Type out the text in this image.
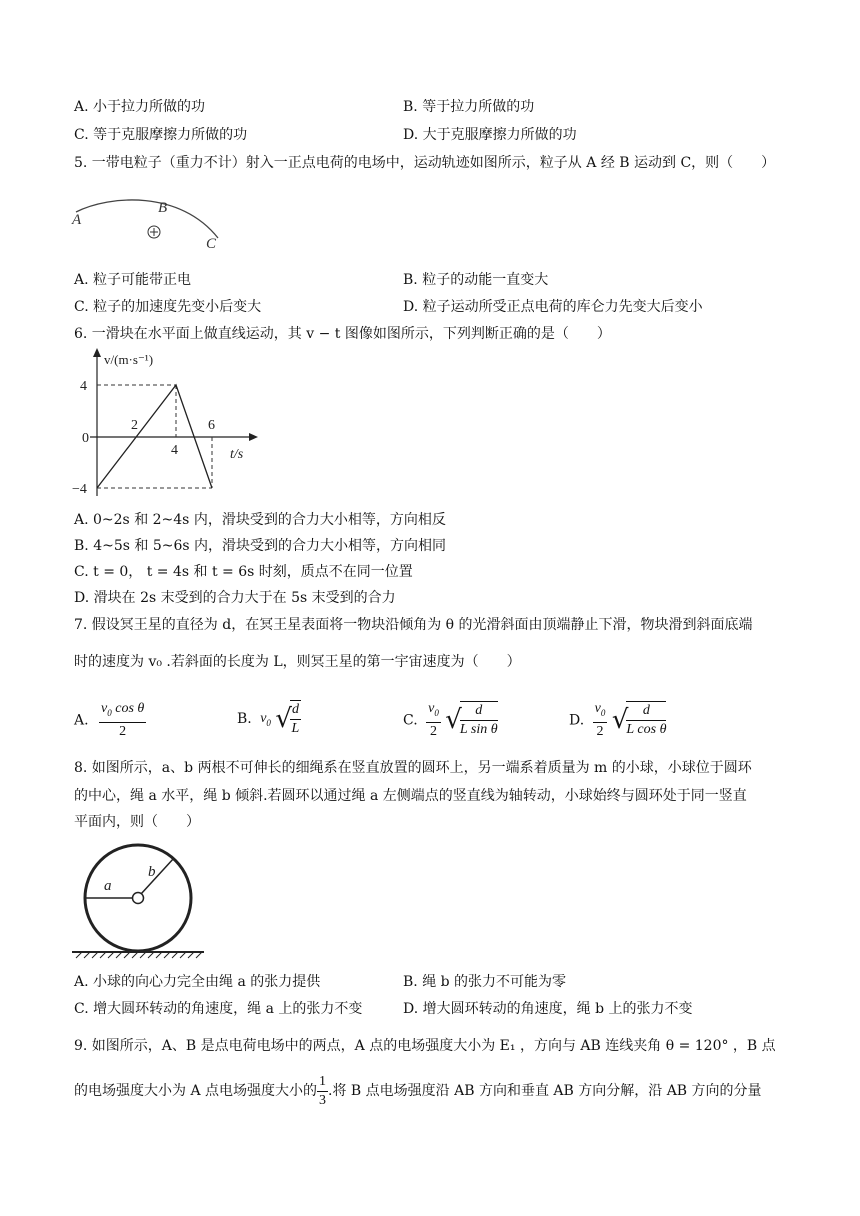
A. 小于拉力所做的功	B. 等于拉力所做的功
C. 等于克服摩擦力所做的功	D. 大于克服摩擦力所做的功
5. 一带电粒子（重力不计）射入一正点电荷的电场中，运动轨迹如图所示，粒子从 A 经 B 运动到 C，则（　　）
A
B
C
A. 粒子可能带正电	B. 粒子的动能一直变大
C. 粒子的加速度先变小后变大	D. 粒子运动所受正点电荷的库仑力先变大后变小
6. 一滑块在水平面上做直线运动，其 v − t 图像如图所示，下列判断正确的是（　　）
v/(m·s⁻¹)
t/s
4
0
−4
2
4
6
A. 0~2s 和 2~4s 内，滑块受到的合力大小相等，方向相反
B. 4~5s 和 5~6s 内，滑块受到的合力大小相等，方向相同
C. t = 0， t = 4s 和 t = 6s 时刻，质点不在同一位置
D. 滑块在 2s 末受到的合力大于在 5s 末受到的合力
7. 假设冥王星的直径为 d，在冥王星表面将一物块沿倾角为 θ 的光滑斜面由顶端静止下滑，物块滑到斜面底端
时的速度为 v₀ .若斜面的长度为 L，则冥王星的第一宇宙速度为（　　）
A. $\frac{v_0 \cos \theta}{2}$	B. $v_0$ √
$\frac{d}{L}$	C. $\frac{v_0}{2}$ √
$\frac{d}{\text{L sin θ}}$	D. $\frac{v_0}{2}$ √
$\frac{d}{\text{L cos θ}}$
8. 如图所示，a、b 两根不可伸长的细绳系在竖直放置的圆环上，另一端系着质量为 m 的小球，小球位于圆环
的中心，绳 a 水平，绳 b 倾斜.若圆环以通过绳 a 左侧端点的竖直线为轴转动，小球始终与圆环处于同一竖直
平面内，则（　　）
a
b
A. 小球的向心力完全由绳 a 的张力提供	B. 绳 b 的张力不可能为零
C. 增大圆环转动的角速度，绳 a 上的张力不变	D. 增大圆环转动的角速度，绳 b 上的张力不变
9. 如图所示，A、B 是点电荷电场中的两点，A 点的电场强度大小为 E₁ ，方向与 AB 连线夹角 θ = 120° ，B 点
的电场强度大小为 A 点电场强度大小的 $\frac{1}{3}$ .将 B 点电场强度沿 AB 方向和垂直 AB 方向分解，沿 AB 方向的分量
